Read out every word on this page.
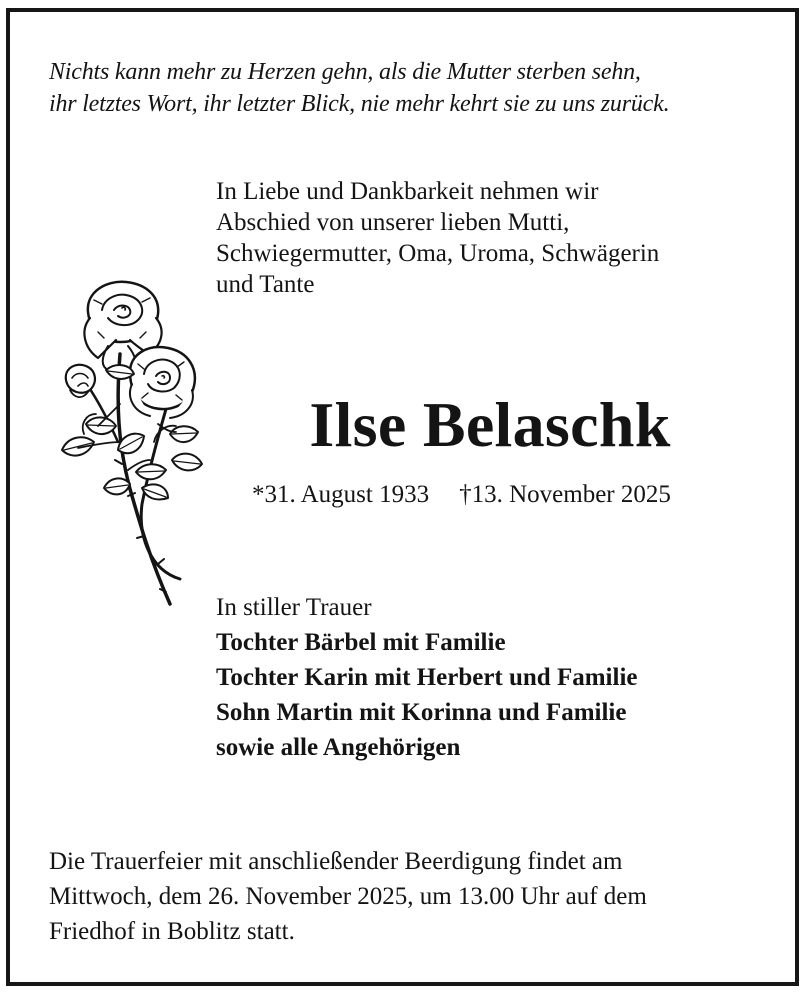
Nichts kann mehr zu Herzen gehn, als die Mutter sterben sehn,
ihr letztes Wort, ihr letzter Blick, nie mehr kehrt sie zu uns zurück.
In Liebe und Dankbarkeit nehmen wir
Abschied von unserer lieben Mutti,
Schwiegermutter, Oma, Uroma, Schwägerin
und Tante
Ilse Belaschk
*31. August 1933 †13. November 2025
In stiller Trauer
Tochter Bärbel mit Familie
Tochter Karin mit Herbert und Familie
Sohn Martin mit Korinna und Familie
sowie alle Angehörigen
Die Trauerfeier mit anschließender Beerdigung findet am
Mittwoch, dem 26. November 2025, um 13.00 Uhr auf dem
Friedhof in Boblitz statt.
